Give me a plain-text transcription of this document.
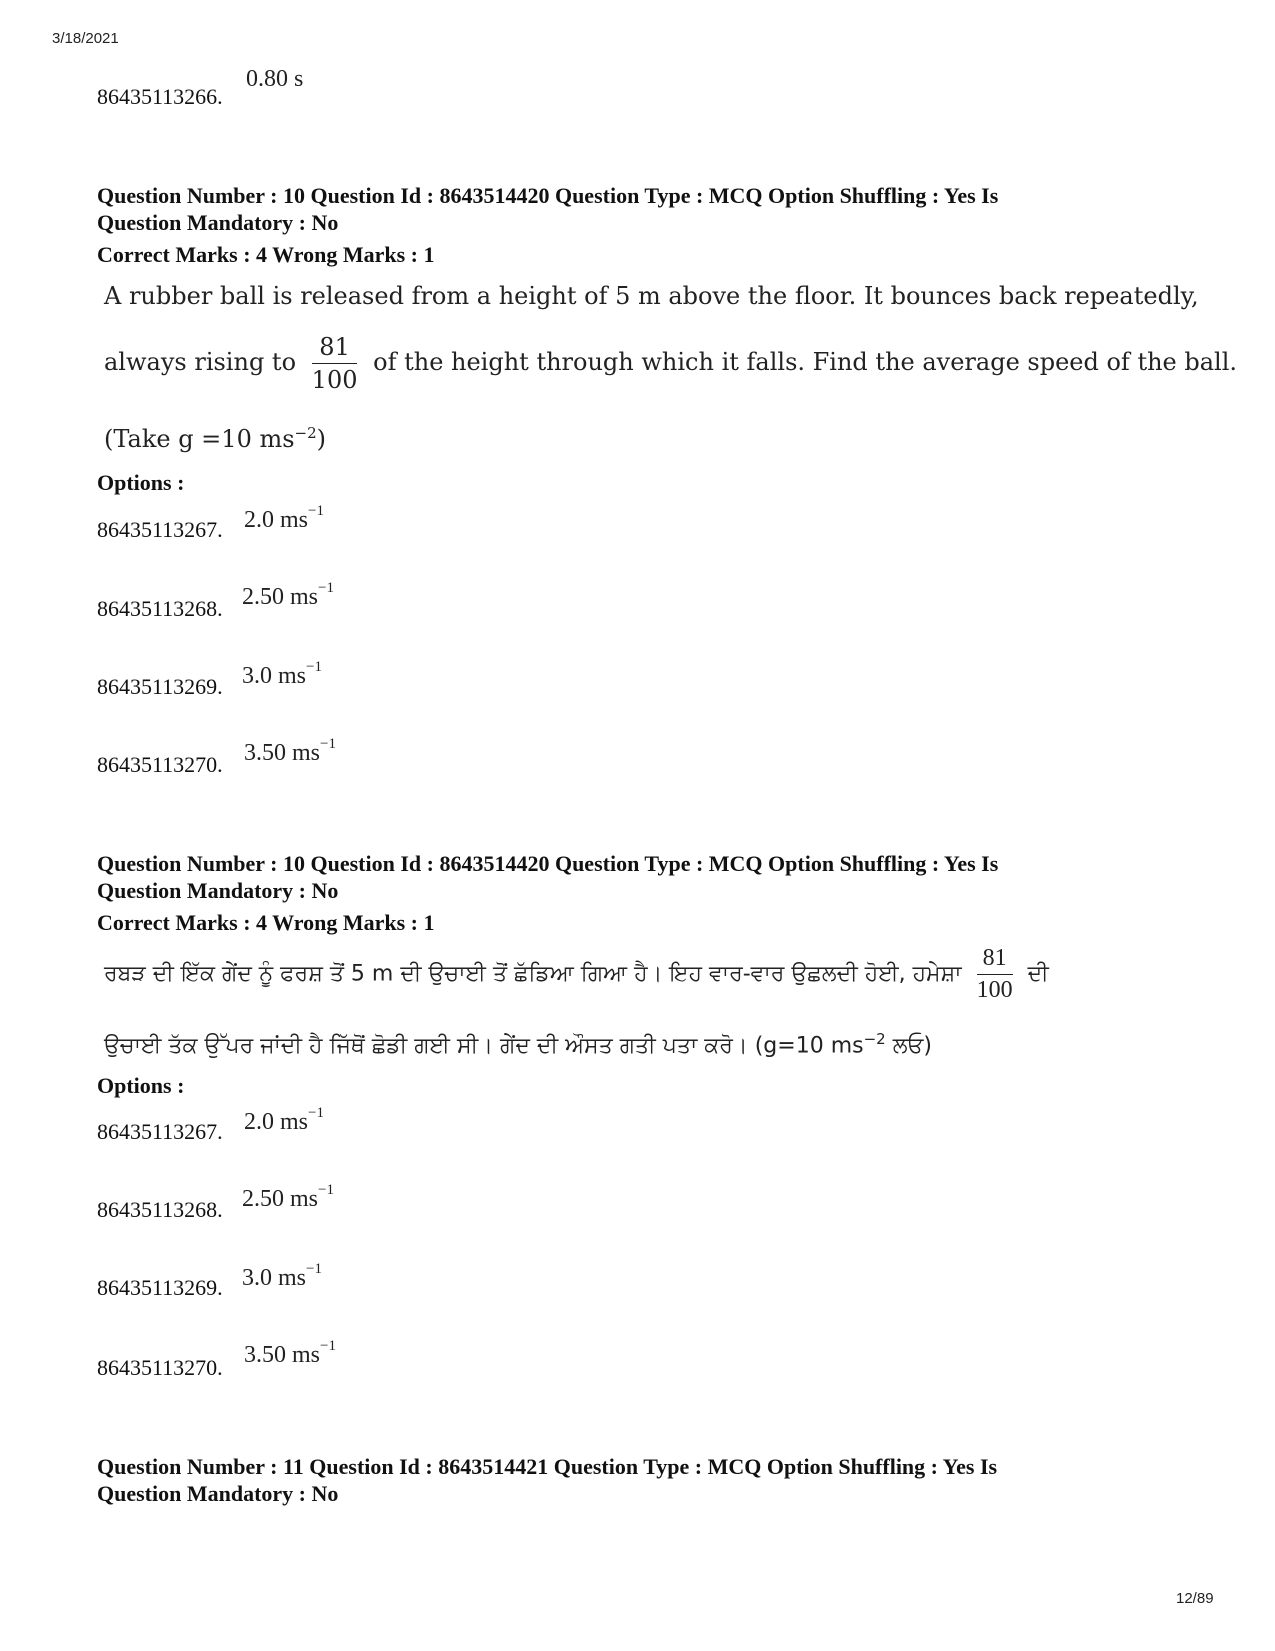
3/18/2021
86435113266.
0.80 s
Question Number : 10 Question Id : 8643514420 Question Type : MCQ Option Shuffling : Yes Is
Question Mandatory : No
Correct Marks : 4 Wrong Marks : 1
A rubber ball is released from a height of 5 m above the floor. It bounces back repeatedly,
always rising to $\frac{81}{100}$ of the height through which it falls. Find the average speed of the ball.
(Take g =10 $ms^{-2}$)
Options :
86435113267. 2.0 $ms^{-1}$
86435113268. 2.50 $ms^{-1}$
86435113269. 3.0 $ms^{-1}$
86435113270. 3.50 $ms^{-1}$
Question Number : 10 Question Id : 8643514420 Question Type : MCQ Option Shuffling : Yes Is
Question Mandatory : No
Correct Marks : 4 Wrong Marks : 1
ਰਬੜ ਦੀ ਇੱਕ ਗੇਂਦ ਨੂੰ ਫਰਸ਼ ਤੋਂ 5 m ਦੀ ਉਚਾਈ ਤੋਂ ਛੱਡਿਆ ਗਿਆ ਹੈ। ਇਹ ਵਾਰ-ਵਾਰ ਉਛਲਦੀ ਹੋਈ, ਹਮੇਸ਼ਾ $\frac{81}{100}$ ਦੀ
ਉਚਾਈ ਤੱਕ ਉੱਪਰ ਜਾਂਦੀ ਹੈ ਜਿੱਥੋਂ ਛੋਡੀ ਗਈ ਸੀ। ਗੇਂਦ ਦੀ ਔਸਤ ਗਤੀ ਪਤਾ ਕਰੋ। (g=10 $ms^{-2}$ ਲਓ)
Options :
86435113267. 2.0 $ms^{-1}$
86435113268. 2.50 $ms^{-1}$
86435113269. 3.0 $ms^{-1}$
86435113270. 3.50 $ms^{-1}$
Question Number : 11 Question Id : 8643514421 Question Type : MCQ Option Shuffling : Yes Is
Question Mandatory : No
12/89
